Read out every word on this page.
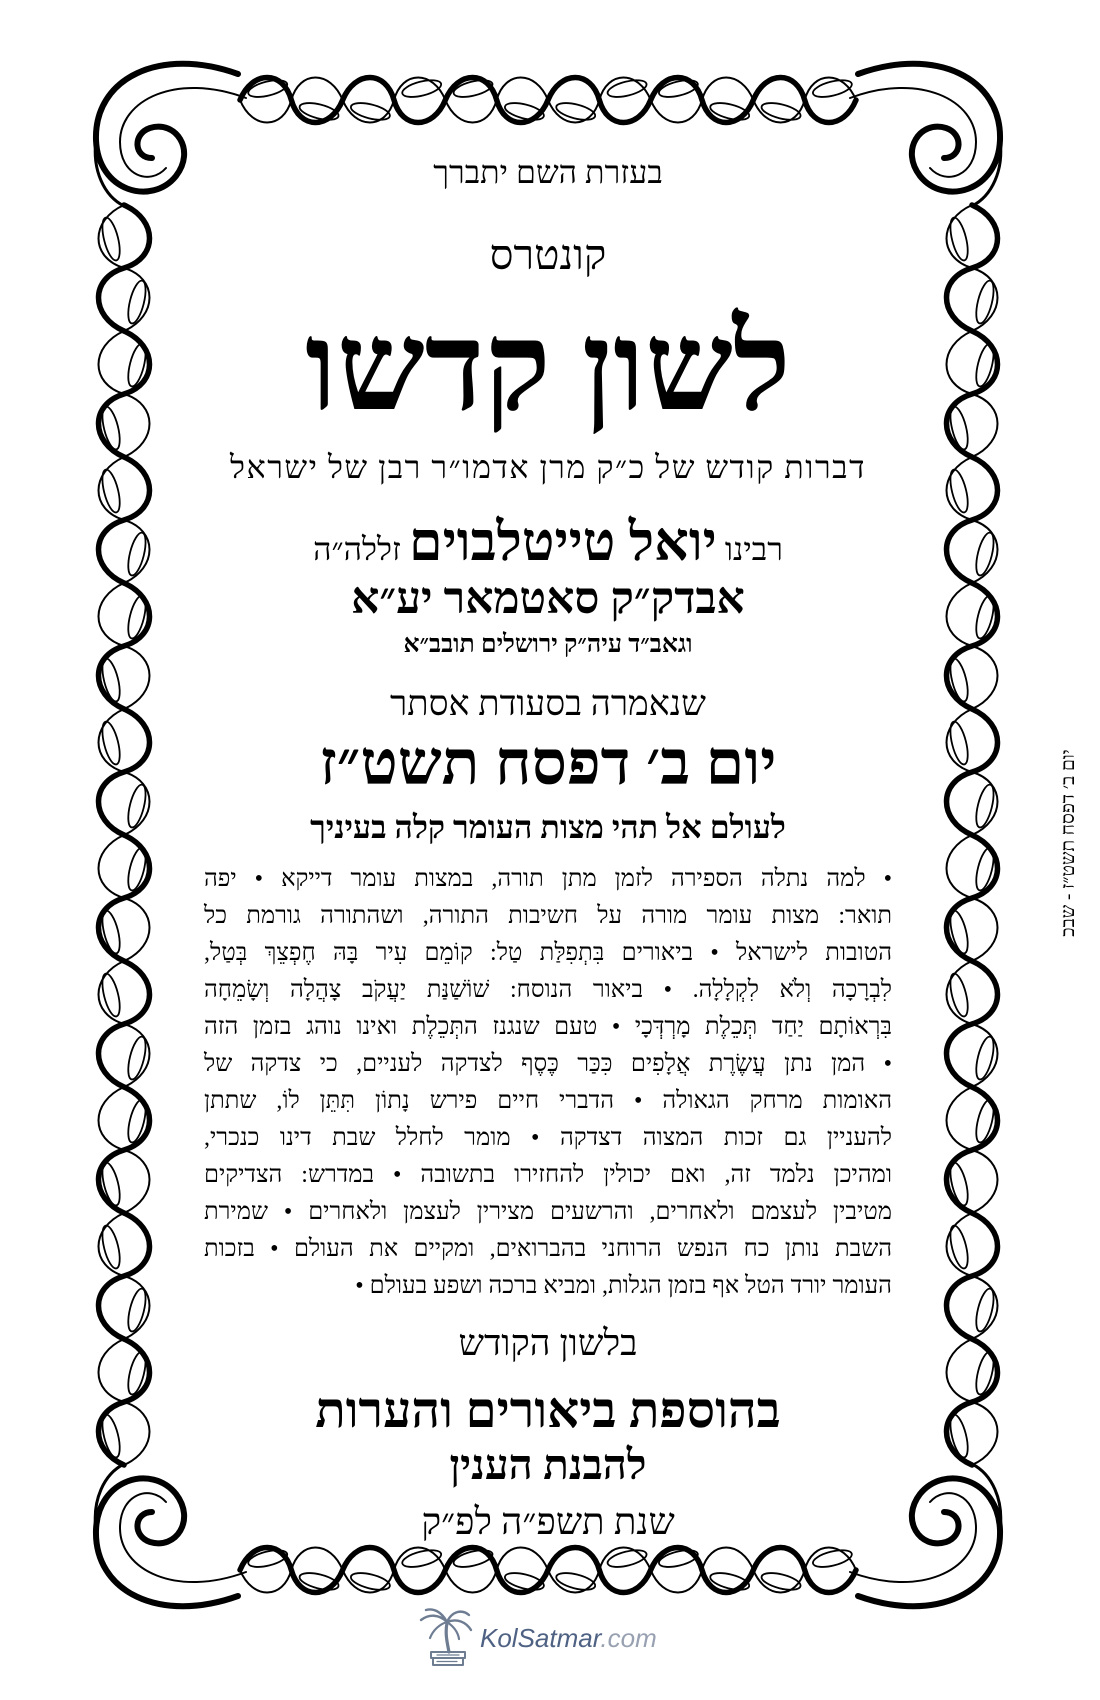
בעזרת השם יתברך
קונטרס
לשון קדשו
דברות קודש של כ״ק מרן אדמו״ר רבן של ישראל
רבינו יואל טייטלבוים זללה״ה
אבדק״ק סאטמאר יע״א
וגאב״ד עיה״ק ירושלים תובב״א
שנאמרה בסעודת אסתר
יום ב׳ דפסח תשט״ז
לעולם אל תהי מצות העומר קלה בעיניך
• למה נתלה הספירה לזמן מתן תורה, במצות עומר דייקא • יפה
תואר: מצות עומר מורה על חשיבות התורה, ושהתורה גורמת כל
הטובות לישראל • ביאורים בִּתְפִלַּת טַל: קוֹמֵם עִיר בָּהּ חֶפְצֵךְ בְּטַל,
לִבְרָכָה וְלֹא לִקְלָלָה. • ביאור הנוסח: שׁוֹשַׁנַּת יַעֲקֹב צָהֲלָה וְשָׂמֵחָה
בִּרְאוֹתָם יַחַד תְּכֵלֶת מָרְדְּכָי • טעם שנגנז התְּכֵלֶת ואינו נוהג בזמן הזה
• המן נתן עֲשֶׂרֶת אֲלָפִים כִּכַּר כֶּסֶף לצדקה לעניים, כי צדקה של
האומות מרחק הגאולה • הדברי חיים פירש נָתוֹן תִּתֵּן לוֹ, שתתן
להעניין גם זכות המצוה דצדקה • מומר לחלל שבת דינו כנכרי,
ומהיכן נלמד זה, ואם יכולין להחזירו בתשובה • במדרש: הצדיקים
מטיבין לעצמם ולאחרים, והרשעים מצירין לעצמן ולאחרים • שמירת
השבת נותן כח הנפש הרוחני בהברואים, ומקיים את העולם • בזכות
העומר יורד הטל אף בזמן הגלות, ומביא ברכה ושפע בעולם •
בלשון הקודש
בהוספת ביאורים והערות
להבנת הענין
שנת תשפ״ה לפ״ק
יום ב׳ דפסח תשט״ז - שבכ
KolSatmar.com
